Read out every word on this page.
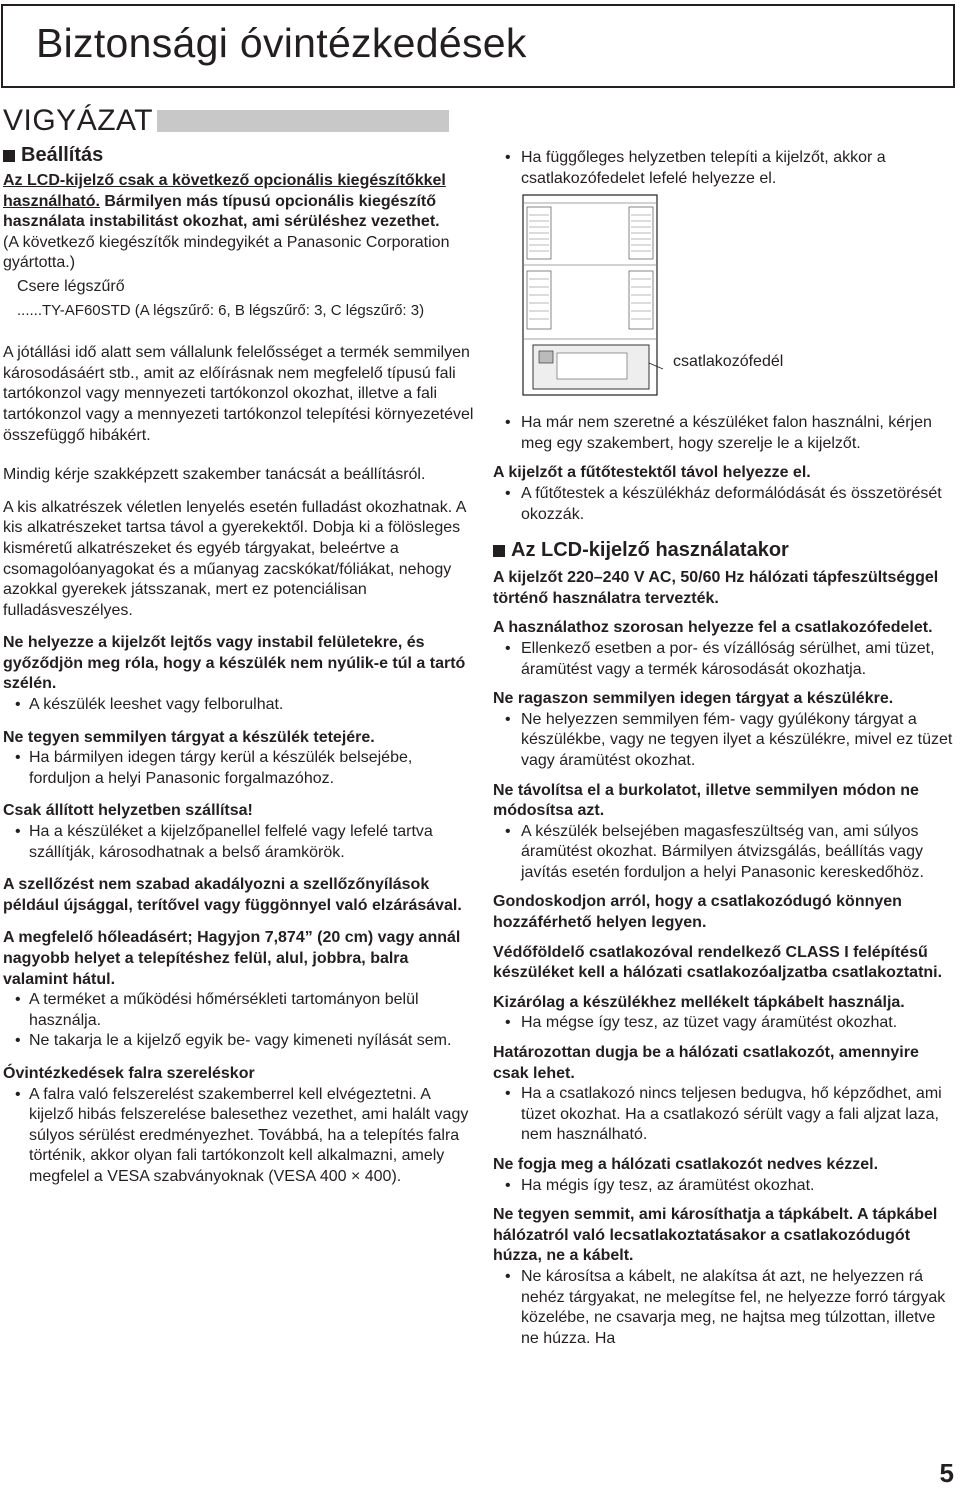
Biztonsági óvintézkedések
VIGYÁZAT
Beállítás

Az LCD-kijelző csak a következő opcionális kiegészítőkkel használható. Bármilyen más típusú opcionális kiegészítő használata instabilitást okozhat, ami sérüléshez vezethet.

(A következő kiegészítők mindegyikét a Panasonic Corporation gyártotta.)

Csere légszűrő

......TY-AF60STD (A légszűrő: 6, B légszűrő: 3, C légszűrő: 3)

A jótállási idő alatt sem vállalunk felelősséget a termék semmilyen károsodásáért stb., amit az előírásnak nem megfelelő típusú fali tartókonzol vagy mennyezeti tartókonzol okozhat, illetve a fali tartókonzol vagy a mennyezeti tartókonzol telepítési környezetével összefüggő hibákért.

Mindig kérje szakképzett szakember tanácsát a beállításról.

A kis alkatrészek véletlen lenyelés esetén fulladást okozhatnak. A kis alkatrészeket tartsa távol a gyerekektől. Dobja ki a fölösleges kisméretű alkatrészeket és egyéb tárgyakat, beleértve a csomagolóanyagokat és a műanyag zacskókat/fóliákat, nehogy azokkal gyerekek játsszanak, mert ez potenciálisan fulladásveszélyes.

Ne helyezze a kijelzőt lejtős vagy instabil felületekre, és győződjön meg róla, hogy a készülék nem nyúlik-e túl a tartó szélén.

• A készülék leeshet vagy felborulhat.

Ne tegyen semmilyen tárgyat a készülék tetejére.

• Ha bármilyen idegen tárgy kerül a készülék belsejébe, forduljon a helyi Panasonic forgalmazóhoz.

Csak állított helyzetben szállítsa!

• Ha a készüléket a kijelzőpanellel felfelé vagy lefelé tartva szállítják, károsodhatnak a belső áramkörök.

A szellőzést nem szabad akadályozni a szellőzőnyílások például újsággal, terítővel vagy függönnyel való elzárásával.

A megfelelő hőleadásért; Hagyjon 7,874” (20 cm) vagy annál nagyobb helyet a telepítéshez felül, alul, jobbra, balra valamint hátul.

• A terméket a működési hőmérsékleti tartományon belül használja.
• Ne takarja le a kijelző egyik be- vagy kimeneti nyílását sem.

Óvintézkedések falra szereléskor

• A falra való felszerelést szakemberrel kell elvégeztetni. A kijelző hibás felszerelése balesethez vezethet, ami halált vagy súlyos sérülést eredményezhet. Továbbá, ha a telepítés falra történik, akkor olyan fali tartókonzolt kell alkalmazni, amely megfelel a VESA szabványoknak (VESA 400 × 400).
• Ha függőleges helyzetben telepíti a kijelzőt, akkor a csatlakozófedelet lefelé helyezze el.
csatlakozófedél
• Ha már nem szeretné a készüléket falon használni, kérjen meg egy szakembert, hogy szerelje le a kijelzőt.

A kijelzőt a fűtőtestektől távol helyezze el.

• A fűtőtestek a készülékház deformálódását és összetörését okozzák.
Az LCD-kijelző használatakor

A kijelzőt 220–240 V AC, 50/60 Hz hálózati tápfeszültséggel történő használatra tervezték.

A használathoz szorosan helyezze fel a csatlakozófedelet.

• Ellenkező esetben a por- és vízállóság sérülhet, ami tüzet, áramütést vagy a termék károsodását okozhatja.

Ne ragaszon semmilyen idegen tárgyat a készülékre.

• Ne helyezzen semmilyen fém- vagy gyúlékony tárgyat a készülékbe, vagy ne tegyen ilyet a készülékre, mivel ez tüzet vagy áramütést okozhat.

Ne távolítsa el a burkolatot, illetve semmilyen módon ne módosítsa azt.

• A készülék belsejében magasfeszültség van, ami súlyos áramütést okozhat. Bármilyen átvizsgálás, beállítás vagy javítás esetén forduljon a helyi Panasonic kereskedőhöz.

Gondoskodjon arról, hogy a csatlakozódugó könnyen hozzáférhető helyen legyen.

Védőföldelő csatlakozóval rendelkező CLASS I felépítésű készüléket kell a hálózati csatlakozóaljzatba csatlakoztatni.

Kizárólag a készülékhez mellékelt tápkábelt használja.

• Ha mégse így tesz, az tüzet vagy áramütést okozhat.

Határozottan dugja be a hálózati csatlakozót, amennyire csak lehet.

• Ha a csatlakozó nincs teljesen bedugva, hő képződhet, ami tüzet okozhat. Ha a csatlakozó sérült vagy a fali aljzat laza, nem használható.

Ne fogja meg a hálózati csatlakozót nedves kézzel.

• Ha mégis így tesz, az áramütést okozhat.

Ne tegyen semmit, ami károsíthatja a tápkábelt. A tápkábel hálózatról való lecsatlakoztatásakor a csatlakozódugót húzza, ne a kábelt.

• Ne károsítsa a kábelt, ne alakítsa át azt, ne helyezzen rá nehéz tárgyakat, ne melegítse fel, ne helyezze forró tárgyak közelébe, ne csavarja meg, ne hajtsa meg túlzottan, illetve ne húzza. Ha
5
